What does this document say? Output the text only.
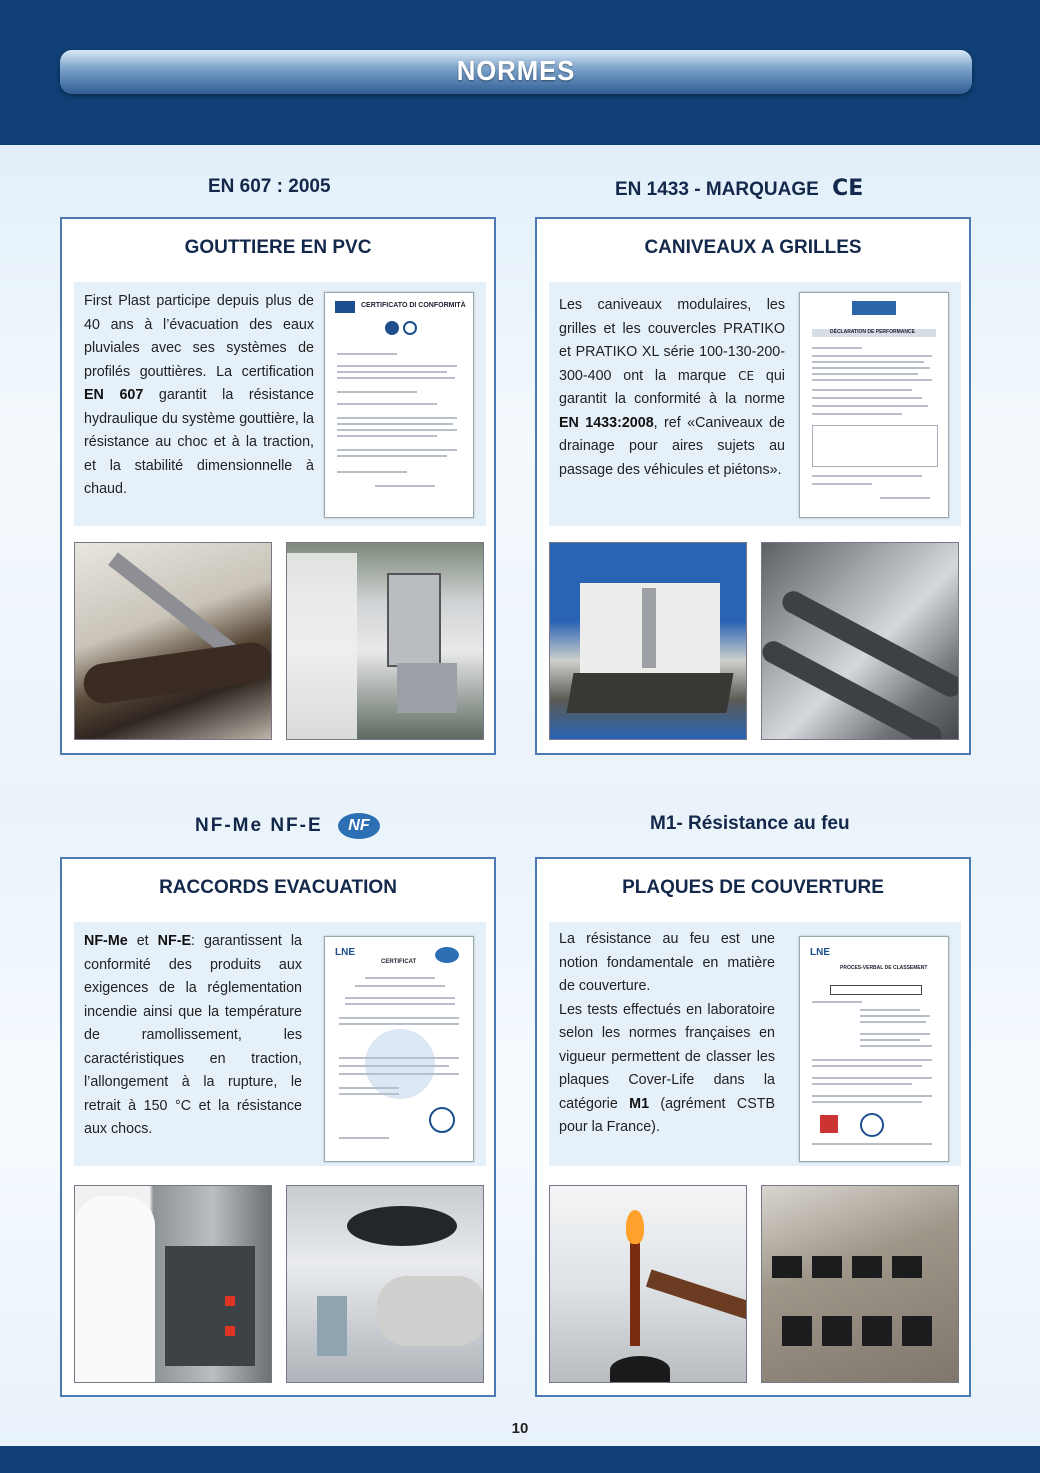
NORMES
EN 607 : 2005	EN 1433 - MARQUAGE CE
NF-Me NF-E NF	M1- Résistance au feu
GOUTTIERE EN PVC
First Plast participe depuis plus de 40 ans à l’évacuation des eaux pluviales avec ses systèmes de profilés gouttières. La certification EN 607 garantit la résistance hydraulique du système gouttière, la résistance au choc et à la traction, et la stabilité dimensionnelle à chaud.
CERTIFICATO DI CONFORMITÀ
CANIVEAUX A GRILLES
Les caniveaux modulaires, les grilles et les couvercles PRATIKO et PRATIKO XL série 100-130-200-300-400 ont la marque CE qui garantit la conformité à la norme EN 1433:2008, ref «Caniveaux de drainage pour aires sujets au passage des véhicules et piétons».
DÉCLARATION DE PERFORMANCE
RACCORDS EVACUATION
NF-Me et NF-E: garantissent la conformité des produits aux exigences de la réglementation incendie ainsi que la température de ramollissement, les caractéristiques en traction, l’allongement à la rupture, le retrait à 150 °C et la résistance aux chocs.
LNE
CERTIFICAT
PLAQUES DE COUVERTURE
La résistance au feu est une notion fondamentale en matière de couverture.
Les tests effectués en laboratoire selon les normes françaises en vigueur permettent de classer les plaques Cover-Life dans la catégorie M1 (agrément CSTB pour la France).
LNE
PROCES-VERBAL DE CLASSEMENT
10
